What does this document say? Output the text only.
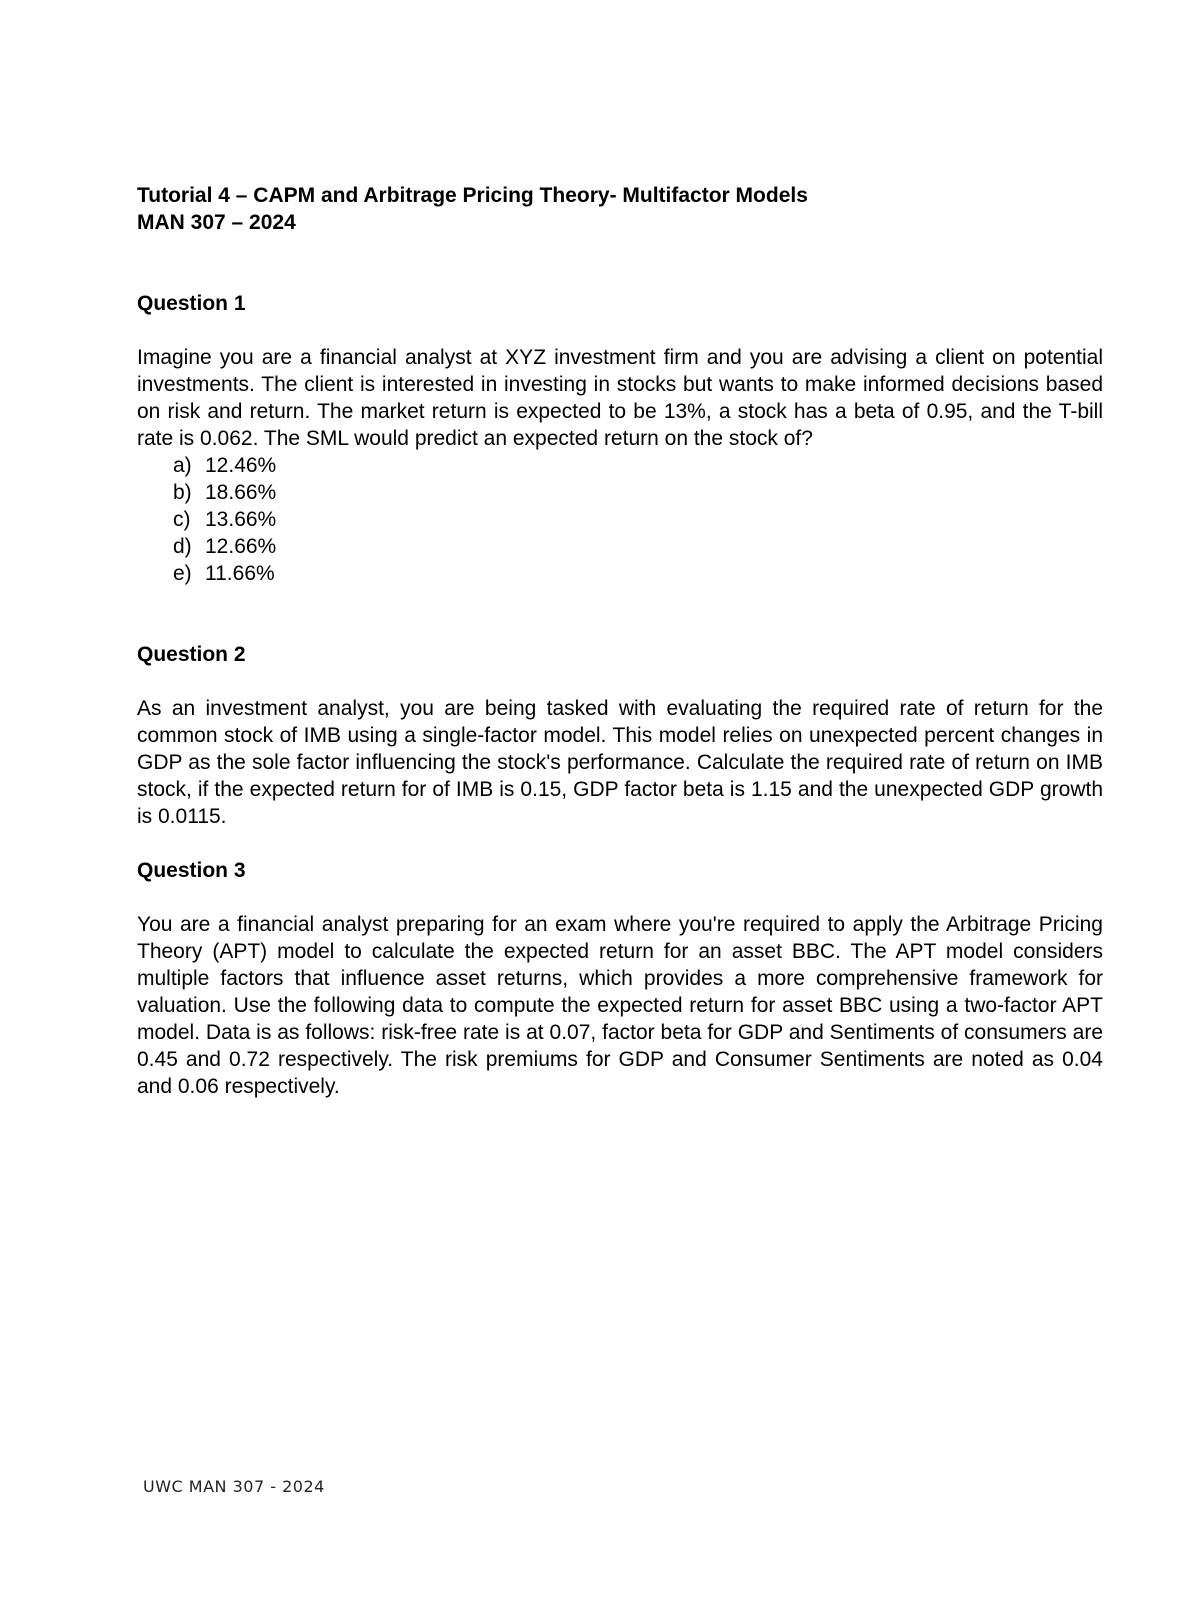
Tutorial 4 – CAPM and Arbitrage Pricing Theory- Multifactor Models

MAN 307 – 2024

Question 1

Imagine you are a financial analyst at XYZ investment firm and you are advising a client on potential investments. The client is interested in investing in stocks but wants to make informed decisions based on risk and return. The market return is expected to be 13%, a stock has a beta of 0.95, and the T-bill rate is 0.062. The SML would predict an expected return on the stock of?

a) 12.46%
b) 18.66%
c) 13.66%
d) 12.66%
e) 11.66%

Question 2

As an investment analyst, you are being tasked with evaluating the required rate of return for the common stock of IMB using a single-factor model. This model relies on unexpected percent changes in GDP as the sole factor influencing the stock's performance. Calculate the required rate of return on IMB stock, if the expected return for of IMB is 0.15, GDP factor beta is 1.15 and the unexpected GDP growth is 0.0115.

Question 3

You are a financial analyst preparing for an exam where you're required to apply the Arbitrage Pricing Theory (APT) model to calculate the expected return for an asset BBC. The APT model considers multiple factors that influence asset returns, which provides a more comprehensive framework for valuation. Use the following data to compute the expected return for asset BBC using a two-factor APT model. Data is as follows: risk-free rate is at 0.07, factor beta for GDP and Sentiments of consumers are 0.45 and 0.72 respectively. The risk premiums for GDP and Consumer Sentiments are noted as 0.04 and 0.06 respectively.

UWC MAN 307 - 2024
